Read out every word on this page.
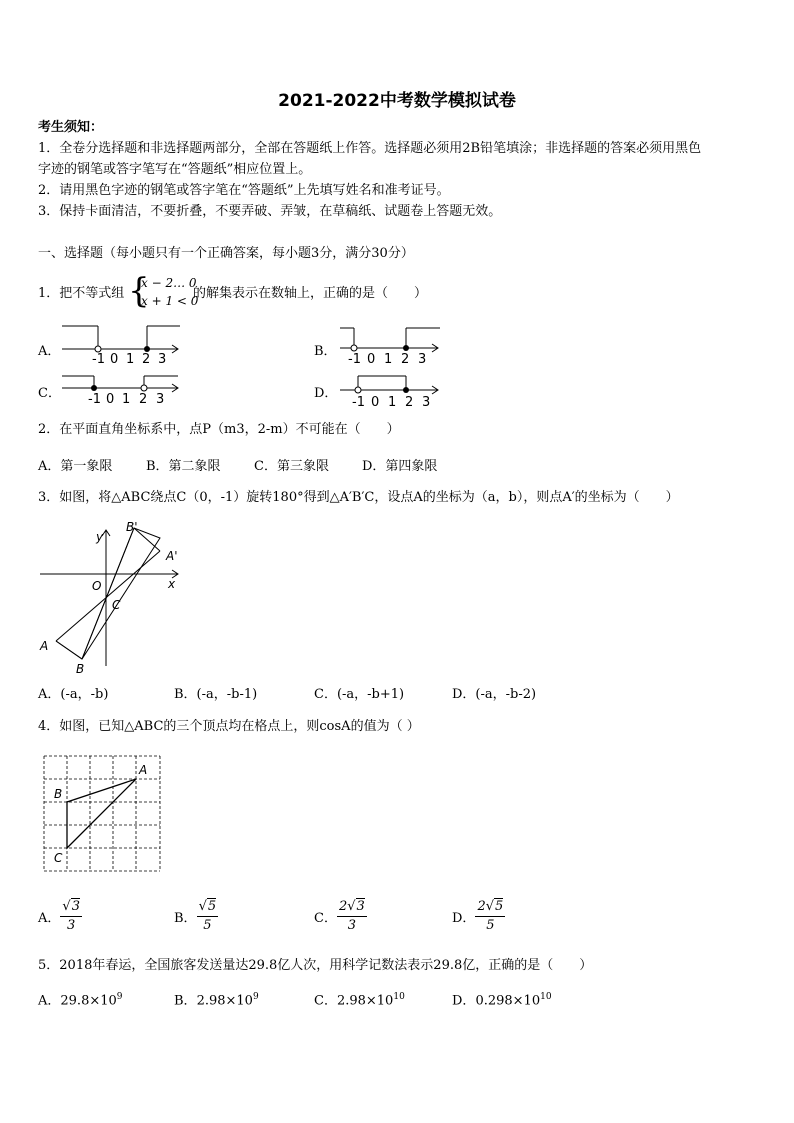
2021-2022中考数学模拟试卷
考生须知：
1．全卷分选择题和非选择题两部分，全部在答题纸上作答。选择题必须用2B铅笔填涂；非选择题的答案必须用黑色
字迹的钢笔或答字笔写在“答题纸”相应位置上。
2．请用黑色字迹的钢笔或答字笔在“答题纸”上先填写姓名和准考证号。
3．保持卡面清洁，不要折叠，不要弄破、弄皱，在草稿纸、试题卷上答题无效。
一、选择题（每小题只有一个正确答案，每小题3分，满分30分）
1．把不等式组 {
x − 2… 0
x + 1 < 0
的解集表示在数轴上，正确的是（　　）
A．	B．
C．	D．
-1 0 1 2 3	-1 0 1 2 3
-1 0 1 2 3	-1 0 1 2 3
2．在平面直角坐标系中，点P（m3，2-m）不可能在（　　）
A．第一象限	B．第二象限	C．第三象限	D．第四象限
3．如图，将△ABC绕点C（0，-1）旋转180°得到△A′B′C，设点A的坐标为（a，b），则点A′的坐标为（　　）
y
x
O
C
A
B
A'
B'
A．(-a，-b)	B．(-a，-b-1)	C．(-a，-b+1)	D．(-a，-b-2)
4．如图，已知△ABC的三个顶点均在格点上，则cosA的值为（ ）
A
B
C
A． $\frac{√3}{3}$	B． $\frac{√5}{5}$	C． $\frac{2√3}{3}$	D． $\frac{2√5}{5}$
5．2018年春运，全国旅客发送量达29.8亿人次，用科学记数法表示29.8亿，正确的是（　　）
A．$29.8\times 10^9$	B．$2.98\times 10^9$	C．$2.98\times 10^{10}$	D．$0.298\times 10^{10}$
